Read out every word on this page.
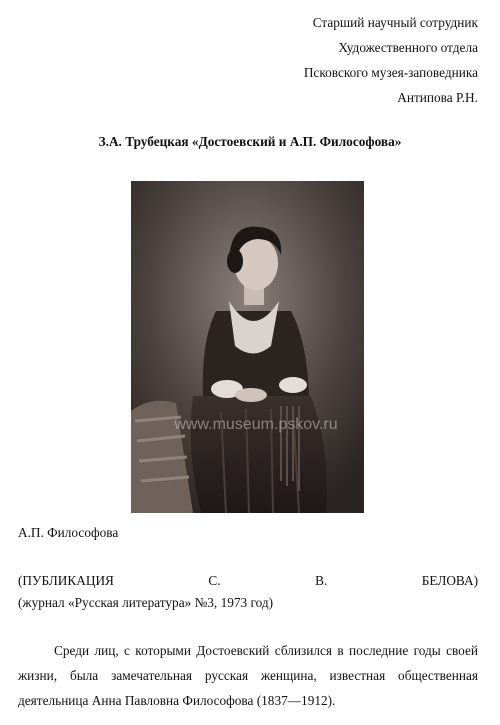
Старший научный сотрудник
Художественного отдела
Псковского музея-заповедника
Антипова Р.Н.
З.А. Трубецкая «Достоевский и А.П. Философова»
www.museum.pskov.ru
А.П. Философова
(ПУБЛИКАЦИЯ	С.	В.	БЕЛОВА)
(журнал «Русская литература» №3, 1973 год)
Среди лиц, с которыми Достоевский сблизился в последние годы своей жизни, была замечательная русская женщина, известная общественная деятельница Анна Павловна Философова (1837—1912).
